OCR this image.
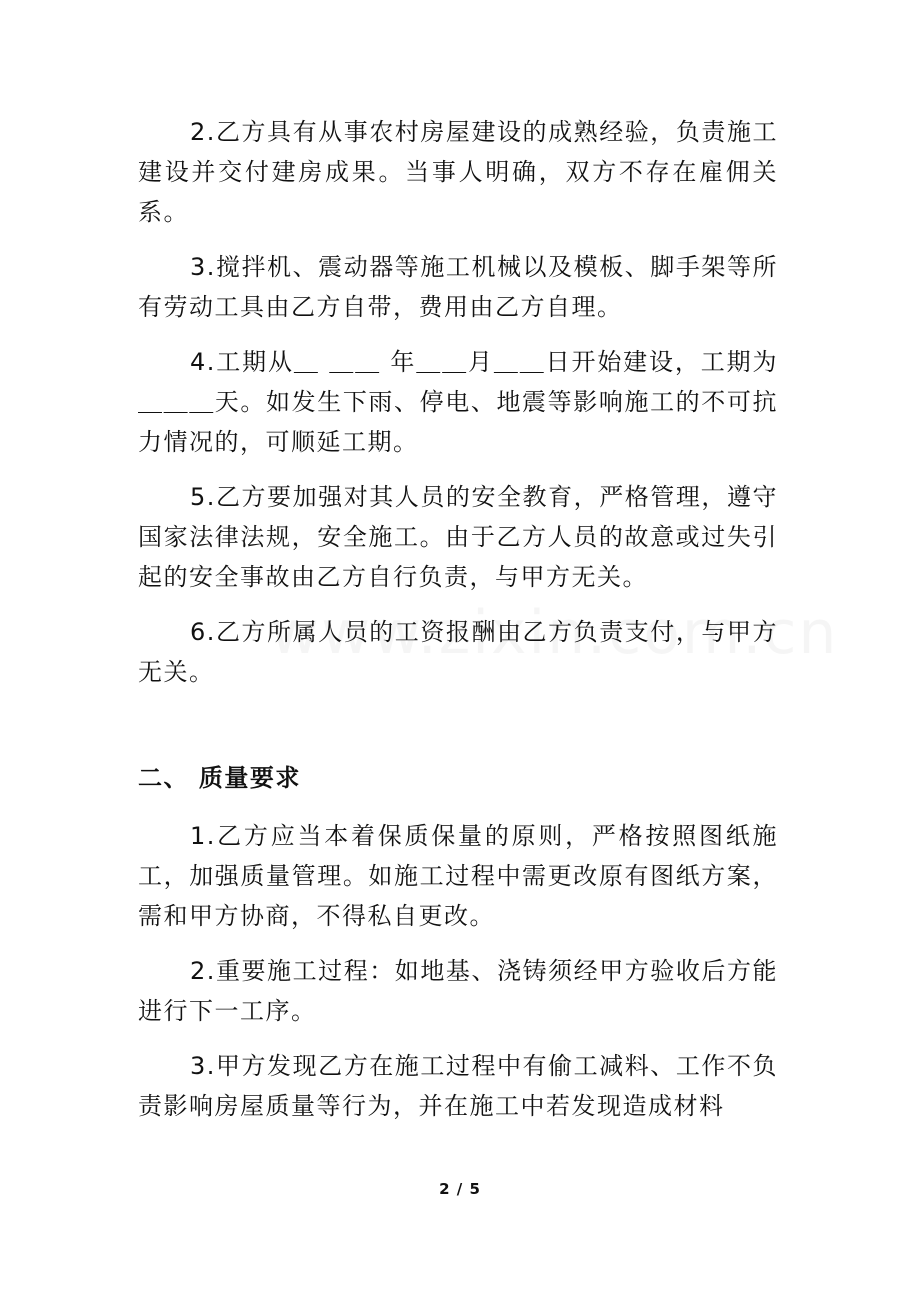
2.乙方具有从事农村房屋建设的成熟经验，负责施工建设并交付建房成果。当事人明确，双方不存在雇佣关系。

3.搅拌机、震动器等施工机械以及模板、脚手架等所有劳动工具由乙方自带，费用由乙方自理。

4.工期从＿ ＿＿ 年＿＿月＿＿日开始建设，工期为＿＿＿天。如发生下雨、停电、地震等影响施工的不可抗力情况的，可顺延工期。

5.乙方要加强对其人员的安全教育，严格管理，遵守国家法律法规，安全施工。由于乙方人员的故意或过失引起的安全事故由乙方自行负责，与甲方无关。

6.乙方所属人员的工资报酬由乙方负责支付，与甲方无关。

二、 质量要求

1.乙方应当本着保质保量的原则，严格按照图纸施工，加强质量管理。如施工过程中需更改原有图纸方案，需和甲方协商，不得私自更改。

2.重要施工过程：如地基、浇铸须经甲方验收后方能进行下一工序。

3.甲方发现乙方在施工过程中有偷工减料、工作不负责影响房屋质量等行为，并在施工中若发现造成材料

2 / 5
